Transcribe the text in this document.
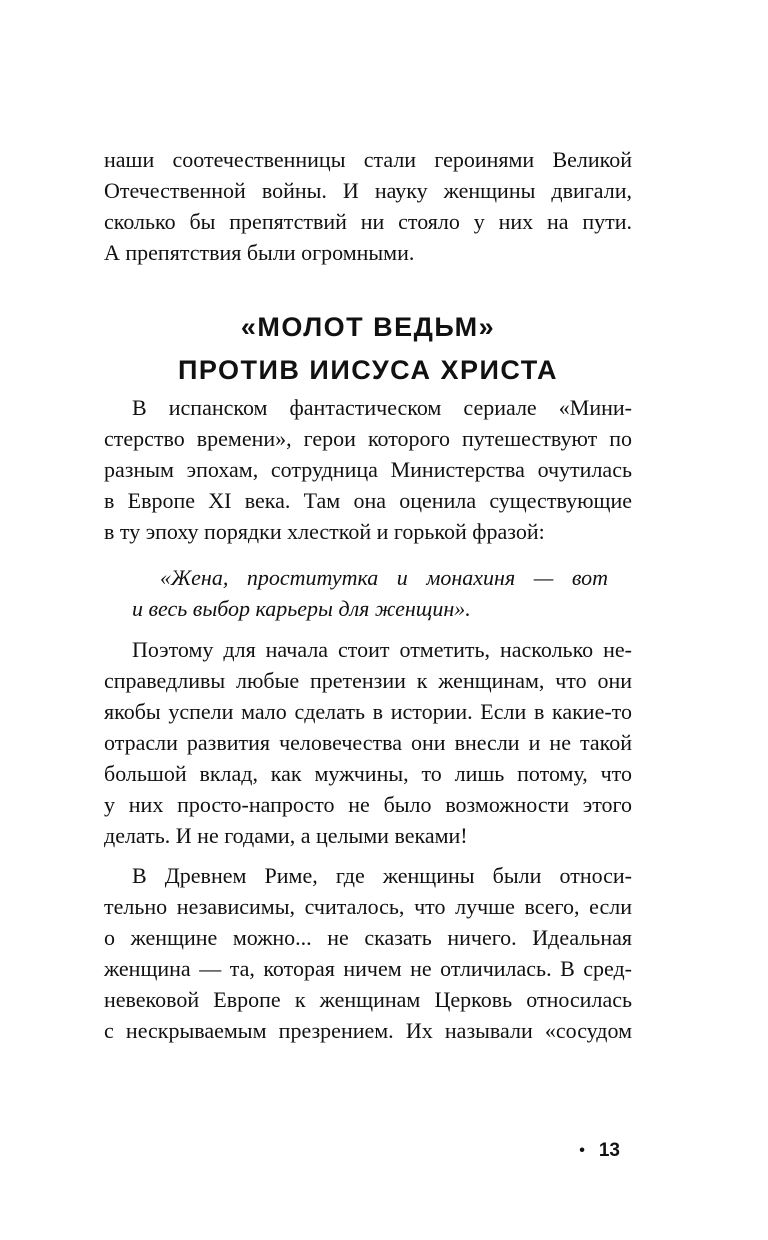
наши соотечественницы стали героинями Великой
Отечественной войны. И науку женщины двигали,
сколько бы препятствий ни стояло у них на пути.
А препятствия были огромными.
«МОЛОТ ВЕДЬМ»
ПРОТИВ ИИСУСА ХРИСТА
В испанском фантастическом сериале «Мини-
стерство времени», герои которого путешествуют по
разным эпохам, сотрудница Министерства очутилась
в Европе XI века. Там она оценила существующие
в ту эпоху порядки хлесткой и горькой фразой:
«Жена, проститутка и монахиня — вот
и весь выбор карьеры для женщин».
Поэтому для начала стоит отметить, насколько не-
справедливы любые претензии к женщинам, что они
якобы успели мало сделать в истории. Если в какие-то
отрасли развития человечества они внесли и не такой
большой вклад, как мужчины, то лишь потому, что
у них просто-напросто не было возможности этого
делать. И не годами, а целыми веками!
В Древнем Риме, где женщины были относи-
тельно независимы, считалось, что лучше всего, если
о женщине можно... не сказать ничего. Идеальная
женщина — та, которая ничем не отличилась. В сред-
невековой Европе к женщинам Церковь относилась
с нескрываемым презрением. Их называли «сосудом
• 13
